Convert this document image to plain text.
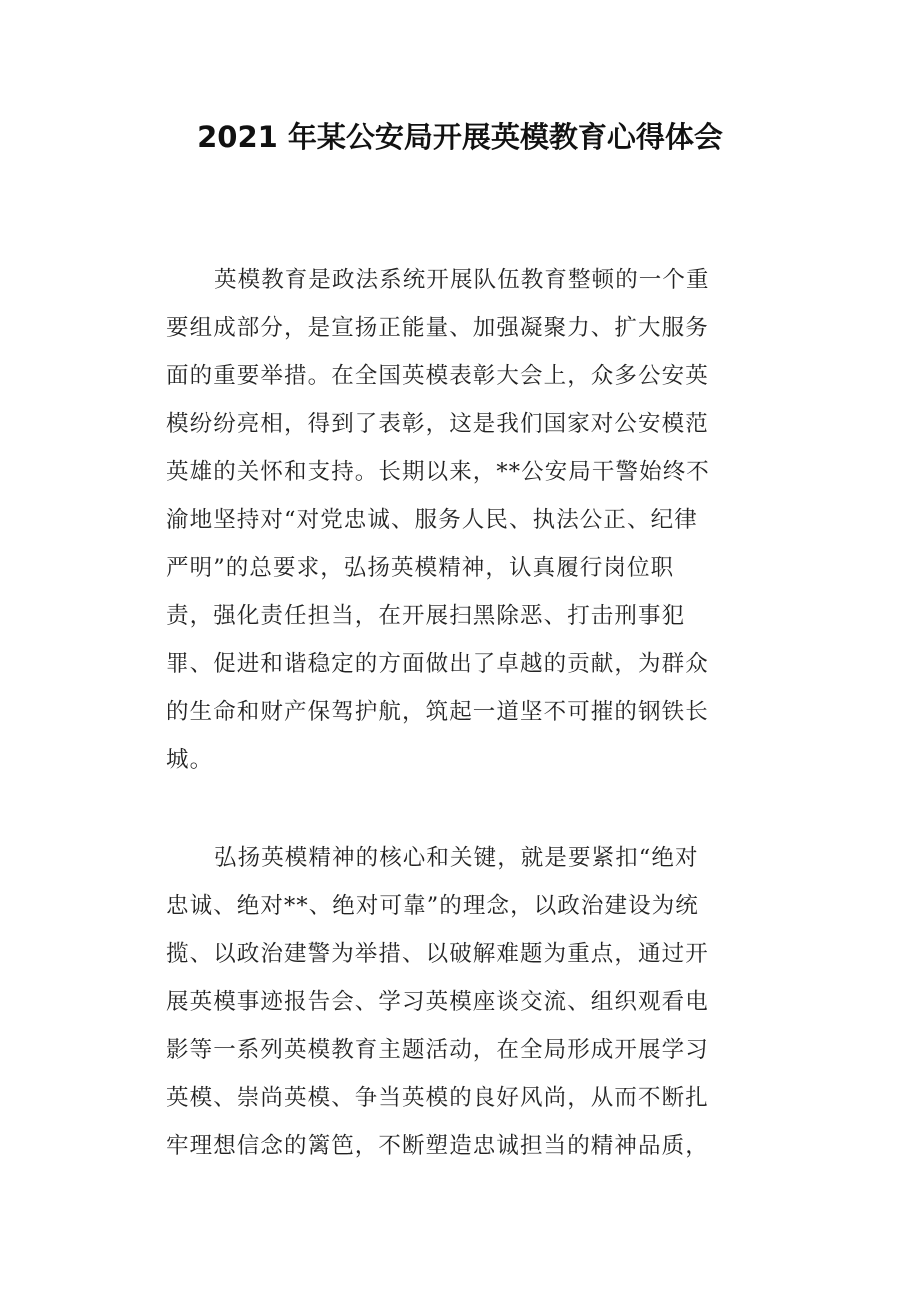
2021 年某公安局开展英模教育心得体会
英模教育是政法系统开展队伍教育整顿的一个重
要组成部分，是宣扬正能量、加强凝聚力、扩大服务
面的重要举措。在全国英模表彰大会上，众多公安英
模纷纷亮相，得到了表彰，这是我们国家对公安模范
英雄的关怀和支持。长期以来，**公安局干警始终不
渝地坚持对“对党忠诚、服务人民、执法公正、纪律
严明”的总要求，弘扬英模精神，认真履行岗位职
责，强化责任担当，在开展扫黑除恶、打击刑事犯
罪、促进和谐稳定的方面做出了卓越的贡献，为群众
的生命和财产保驾护航，筑起一道坚不可摧的钢铁长
城。
弘扬英模精神的核心和关键，就是要紧扣“绝对
忠诚、绝对**、绝对可靠”的理念，以政治建设为统
揽、以政治建警为举措、以破解难题为重点，通过开
展英模事迹报告会、学习英模座谈交流、组织观看电
影等一系列英模教育主题活动，在全局形成开展学习
英模、崇尚英模、争当英模的良好风尚，从而不断扎
牢理想信念的篱笆，不断塑造忠诚担当的精神品质，
